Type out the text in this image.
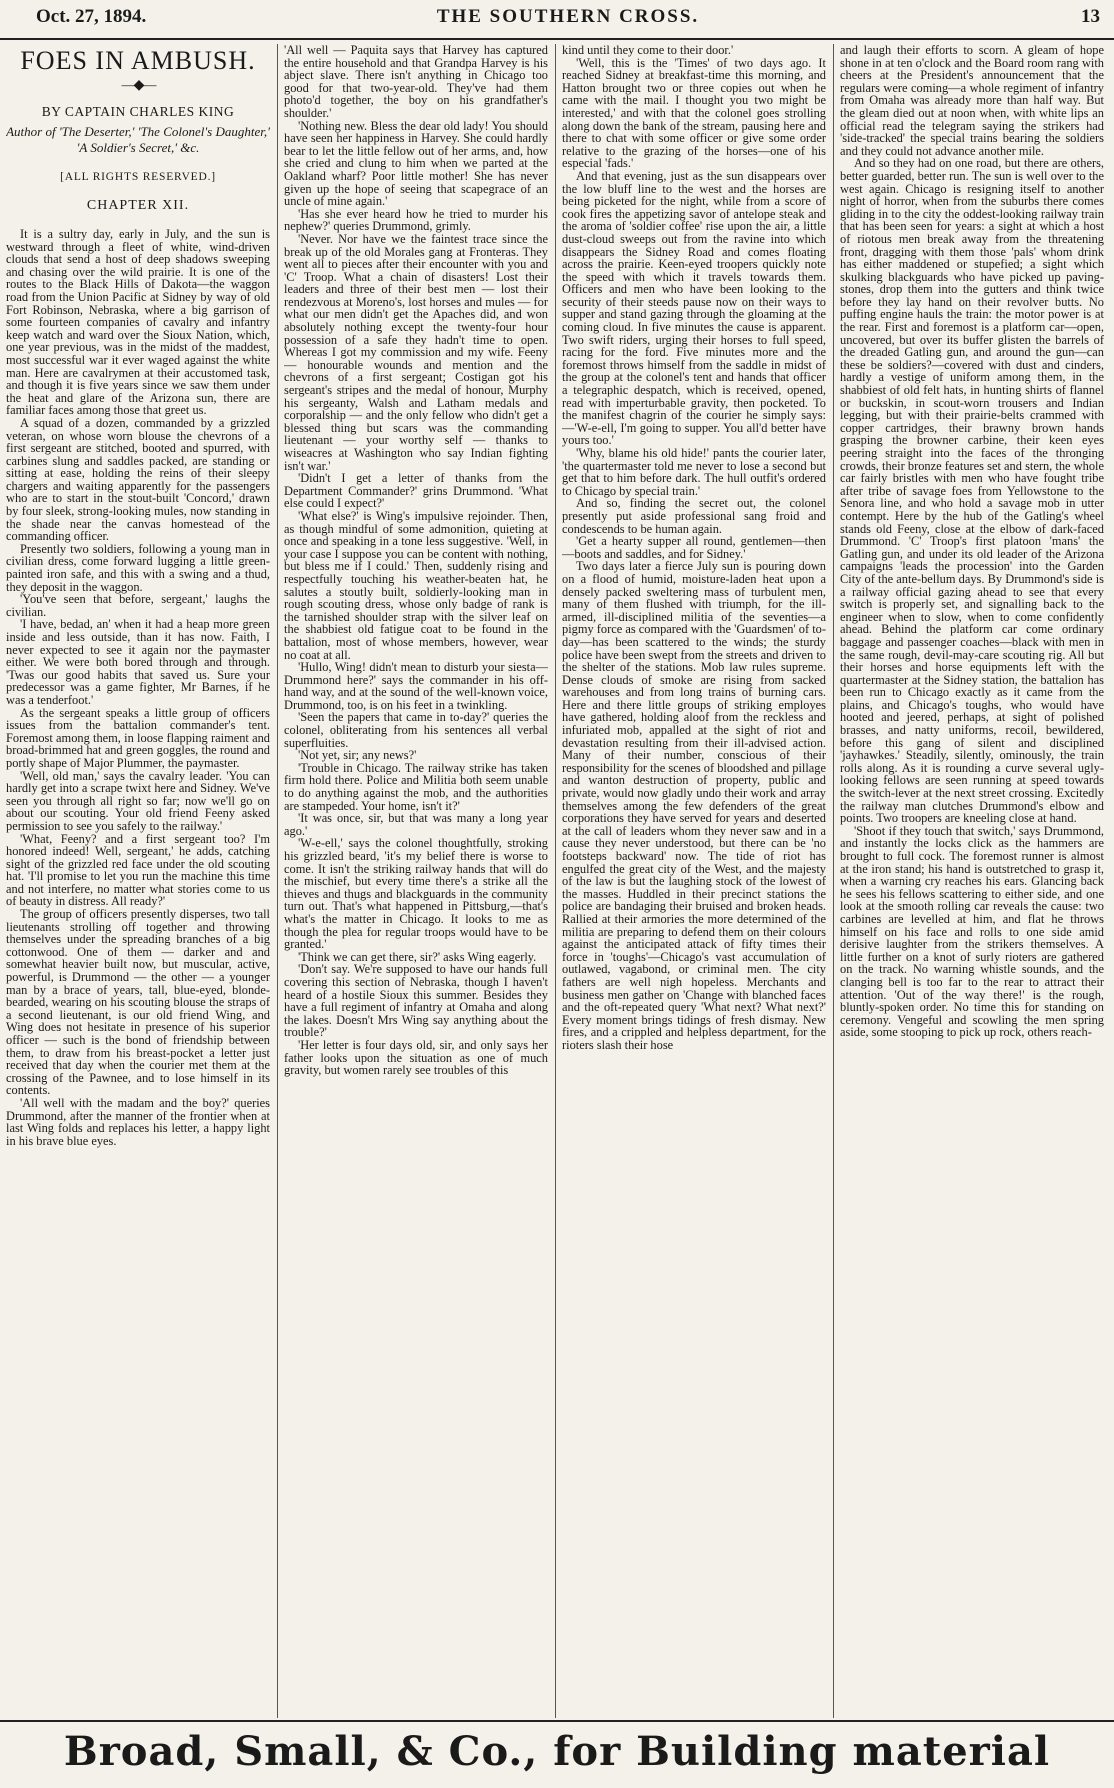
THE SOUTHERN CROSS.
Oct. 27, 1894.	13
FOES IN AMBUSH.
—◆—
BY CAPTAIN CHARLES KING
Author of 'The Deserter,' 'The Colonel's Daughter,' 'A Soldier's Secret,' &c.
[ALL RIGHTS RESERVED.]
CHAPTER XII.

It is a sultry day, early in July, and the sun is westward through a fleet of white, wind-driven clouds that send a host of deep shadows sweeping and chasing over the wild prairie. It is one of the routes to the Black Hills of Dakota—the waggon road from the Union Pacific at Sidney by way of old Fort Robinson, Nebraska, where a big garrison of some fourteen companies of cavalry and infantry keep watch and ward over the Sioux Nation, which, one year previous, was in the midst of the maddest, most successful war it ever waged against the white man. Here are cavalrymen at their accustomed task, and though it is five years since we saw them under the heat and glare of the Arizona sun, there are familiar faces among those that greet us.

A squad of a dozen, commanded by a grizzled veteran, on whose worn blouse the chevrons of a first sergeant are stitched, booted and spurred, with carbines slung and saddles packed, are standing or sitting at ease, holding the reins of their sleepy chargers and waiting apparently for the passengers who are to start in the stout-built 'Concord,' drawn by four sleek, strong-looking mules, now standing in the shade near the canvas homestead of the commanding officer.

Presently two soldiers, following a young man in civilian dress, come forward lugging a little green-painted iron safe, and this with a swing and a thud, they deposit in the waggon.

'You've seen that before, sergeant,' laughs the civilian.

'I have, bedad, an' when it had a heap more green inside and less outside, than it has now. Faith, I never expected to see it again nor the paymaster either. We were both bored through and through. 'Twas our good habits that saved us. Sure your predecessor was a game fighter, Mr Barnes, if he was a tenderfoot.'

As the sergeant speaks a little group of officers issues from the battalion commander's tent. Foremost among them, in loose flapping raiment and broad-brimmed hat and green goggles, the round and portly shape of Major Plummer, the paymaster.

'Well, old man,' says the cavalry leader. 'You can hardly get into a scrape twixt here and Sidney. We've seen you through all right so far; now we'll go on about our scouting. Your old friend Feeny asked permission to see you safely to the railway.'

'What, Feeny? and a first sergeant too? I'm honored indeed! Well, sergeant,' he adds, catching sight of the grizzled red face under the old scouting hat. 'I'll promise to let you run the machine this time and not interfere, no matter what stories come to us of beauty in distress. All ready?'

The group of officers presently disperses, two tall lieutenants strolling off together and throwing themselves under the spreading branches of a big cottonwood. One of them — darker and and somewhat heavier built now, but muscular, active, powerful, is Drummond — the other — a younger man by a brace of years, tall, blue-eyed, blonde-bearded, wearing on his scouting blouse the straps of a second lieutenant, is our old friend Wing, and Wing does not hesitate in presence of his superior officer — such is the bond of friendship between them, to draw from his breast-pocket a letter just received that day when the courier met them at the crossing of the Pawnee, and to lose himself in its contents.

'All well with the madam and the boy?' queries Drummond, after the manner of the frontier when at last Wing folds and replaces his letter, a happy light in his brave blue eyes.

'All well — Paquita says that Harvey has captured the entire household and that Grandpa Harvey is his abject slave. There isn't anything in Chicago too good for that two-year-old. They've had them photo'd together, the boy on his grandfather's shoulder.'

'Nothing new. Bless the dear old lady! You should have seen her happiness in Harvey. She could hardly bear to let the little fellow out of her arms, and, how she cried and clung to him when we parted at the Oakland wharf? Poor little mother! She has never given up the hope of seeing that scapegrace of an uncle of mine again.'

'Has she ever heard how he tried to murder his nephew?' queries Drummond, grimly.

'Never. Nor have we the faintest trace since the break up of the old Morales gang at Fronteras. They went all to pieces after their encounter with you and 'C' Troop. What a chain of disasters! Lost their leaders and three of their best men — lost their rendezvous at Moreno's, lost horses and mules — for what our men didn't get the Apaches did, and won absolutely nothing except the twenty-four hour possession of a safe they hadn't time to open. Whereas I got my commission and my wife. Feeny — honourable wounds and mention and the chevrons of a first sergeant; Costigan got his sergeant's stripes and the medal of honour, Murphy his sergeanty, Walsh and Latham medals and corporalship — and the only fellow who didn't get a blessed thing but scars was the commanding lieutenant — your worthy self — thanks to wiseacres at Washington who say Indian fighting isn't war.'

'Didn't I get a letter of thanks from the Department Commander?' grins Drummond. 'What else could I expect?'

'What else?' is Wing's impulsive rejoinder. Then, as though mindful of some admonition, quieting at once and speaking in a tone less suggestive. 'Well, in your case I suppose you can be content with nothing, but bless me if I could.' Then, suddenly rising and respectfully touching his weather-beaten hat, he salutes a stoutly built, soldierly-looking man in rough scouting dress, whose only badge of rank is the tarnished shoulder strap with the silver leaf on the shabbiest old fatigue coat to be found in the battalion, most of whose members, however, wear no coat at all.

'Hullo, Wing! didn't mean to disturb your siesta—Drummond here?' says the commander in his off-hand way, and at the sound of the well-known voice, Drummond, too, is on his feet in a twinkling.

'Seen the papers that came in to-day?' queries the colonel, obliterating from his sentences all verbal superfluities.

'Not yet, sir; any news?'

'Trouble in Chicago. The railway strike has taken firm hold there. Police and Militia both seem unable to do anything against the mob, and the authorities are stampeded. Your home, isn't it?'

'It was once, sir, but that was many a long year ago.'

'W-e-ell,' says the colonel thoughtfully, stroking his grizzled beard, 'it's my belief there is worse to come. It isn't the striking railway hands that will do the mischief, but every time there's a strike all the thieves and thugs and blackguards in the community turn out. That's what happened in Pittsburg,—that's what's the matter in Chicago. It looks to me as though the plea for regular troops would have to be granted.'

'Think we can get there, sir?' asks Wing eagerly.

'Don't say. We're supposed to have our hands full covering this section of Nebraska, though I haven't heard of a hostile Sioux this summer. Besides they have a full regiment of infantry at Omaha and along the lakes. Doesn't Mrs Wing say anything about the trouble?'

'Her letter is four days old, sir, and only says her father looks upon the situation as one of much gravity, but women rarely see troubles of this

kind until they come to their door.'

'Well, this is the 'Times' of two days ago. It reached Sidney at breakfast-time this morning, and Hatton brought two or three copies out when he came with the mail. I thought you two might be interested,' and with that the colonel goes strolling along down the bank of the stream, pausing here and there to chat with some officer or give some order relative to the grazing of the horses—one of his especial 'fads.'

And that evening, just as the sun disappears over the low bluff line to the west and the horses are being picketed for the night, while from a score of cook fires the appetizing savor of antelope steak and the aroma of 'soldier coffee' rise upon the air, a little dust-cloud sweeps out from the ravine into which disappears the Sidney Road and comes floating across the prairie. Keen-eyed troopers quickly note the speed with which it travels towards them. Officers and men who have been looking to the security of their steeds pause now on their ways to supper and stand gazing through the gloaming at the coming cloud. In five minutes the cause is apparent. Two swift riders, urging their horses to full speed, racing for the ford. Five minutes more and the foremost throws himself from the saddle in midst of the group at the colonel's tent and hands that officer a telegraphic despatch, which is received, opened, read with imperturbable gravity, then pocketed. To the manifest chagrin of the courier he simply says:—'W-e-ell, I'm going to supper. You all'd better have yours too.'

'Why, blame his old hide!' pants the courier later, 'the quartermaster told me never to lose a second but get that to him before dark. The hull outfit's ordered to Chicago by special train.'

And so, finding the secret out, the colonel presently put aside professional sang froid and condescends to be human again.

'Get a hearty supper all round, gentlemen—then—boots and saddles, and for Sidney.'

Two days later a fierce July sun is pouring down on a flood of humid, moisture-laden heat upon a densely packed sweltering mass of turbulent men, many of them flushed with triumph, for the ill-armed, ill-disciplined militia of the seventies—a pigmy force as compared with the 'Guardsmen' of to-day—has been scattered to the winds; the sturdy police have been swept from the streets and driven to the shelter of the stations. Mob law rules supreme. Dense clouds of smoke are rising from sacked warehouses and from long trains of burning cars. Here and there little groups of striking employes have gathered, holding aloof from the reckless and infuriated mob, appalled at the sight of riot and devastation resulting from their ill-advised action. Many of their number, conscious of their responsibility for the scenes of bloodshed and pillage and wanton destruction of property, public and private, would now gladly undo their work and array themselves among the few defenders of the great corporations they have served for years and deserted at the call of leaders whom they never saw and in a cause they never understood, but there can be 'no footsteps backward' now. The tide of riot has engulfed the great city of the West, and the majesty of the law is but the laughing stock of the lowest of the masses. Huddled in their precinct stations the police are bandaging their bruised and broken heads. Rallied at their armories the more determined of the militia are preparing to defend them on their colours against the anticipated attack of fifty times their force in 'toughs'—Chicago's vast accumulation of outlawed, vagabond, or criminal men. The city fathers are well nigh hopeless. Merchants and business men gather on 'Change with blanched faces and the oft-repeated query 'What next? What next?' Every moment brings tidings of fresh dismay. New fires, and a crippled and helpless department, for the rioters slash their hose

and laugh their efforts to scorn. A gleam of hope shone in at ten o'clock and the Board room rang with cheers at the President's announcement that the regulars were coming—a whole regiment of infantry from Omaha was already more than half way. But the gleam died out at noon when, with white lips an official read the telegram saying the strikers had 'side-tracked' the special trains bearing the soldiers and they could not advance another mile.

And so they had on one road, but there are others, better guarded, better run. The sun is well over to the west again. Chicago is resigning itself to another night of horror, when from the suburbs there comes gliding in to the city the oddest-looking railway train that has been seen for years: a sight at which a host of riotous men break away from the threatening front, dragging with them those 'pals' whom drink has either maddened or stupefied; a sight which skulking blackguards who have picked up paving-stones, drop them into the gutters and think twice before they lay hand on their revolver butts. No puffing engine hauls the train: the motor power is at the rear. First and foremost is a platform car—open, uncovered, but over its buffer glisten the barrels of the dreaded Gatling gun, and around the gun—can these be soldiers?—covered with dust and cinders, hardly a vestige of uniform among them, in the shabbiest of old felt hats, in hunting shirts of flannel or buckskin, in scout-worn trousers and Indian legging, but with their prairie-belts crammed with copper cartridges, their brawny brown hands grasping the browner carbine, their keen eyes peering straight into the faces of the thronging crowds, their bronze features set and stern, the whole car fairly bristles with men who have fought tribe after tribe of savage foes from Yellowstone to the Senora line, and who hold a savage mob in utter contempt. Here by the hub of the Gatling's wheel stands old Feeny, close at the elbow of dark-faced Drummond. 'C' Troop's first platoon 'mans' the Gatling gun, and under its old leader of the Arizona campaigns 'leads the procession' into the Garden City of the ante-bellum days. By Drummond's side is a railway official gazing ahead to see that every switch is properly set, and signalling back to the engineer when to slow, when to come confidently ahead. Behind the platform car come ordinary baggage and passenger coaches—black with men in the same rough, devil-may-care scouting rig. All but their horses and horse equipments left with the quartermaster at the Sidney station, the battalion has been run to Chicago exactly as it came from the plains, and Chicago's toughs, who would have hooted and jeered, perhaps, at sight of polished brasses, and natty uniforms, recoil, bewildered, before this gang of silent and disciplined 'jayhawkes.' Steadily, silently, ominously, the train rolls along. As it is rounding a curve several ugly-looking fellows are seen running at speed towards the switch-lever at the next street crossing. Excitedly the railway man clutches Drummond's elbow and points. Two troopers are kneeling close at hand.

'Shoot if they touch that switch,' says Drummond, and instantly the locks click as the hammers are brought to full cock. The foremost runner is almost at the iron stand; his hand is outstretched to grasp it, when a warning cry reaches his ears. Glancing back he sees his fellows scattering to either side, and one look at the smooth rolling car reveals the cause: two carbines are levelled at him, and flat he throws himself on his face and rolls to one side amid derisive laughter from the strikers themselves. A little further on a knot of surly rioters are gathered on the track. No warning whistle sounds, and the clanging bell is too far to the rear to attract their attention. 'Out of the way there!' is the rough, bluntly-spoken order. No time this for standing on ceremony. Vengeful and scowling the men spring aside, some stooping to pick up rock, others reach-

Broad, Small, & Co., for Building material
